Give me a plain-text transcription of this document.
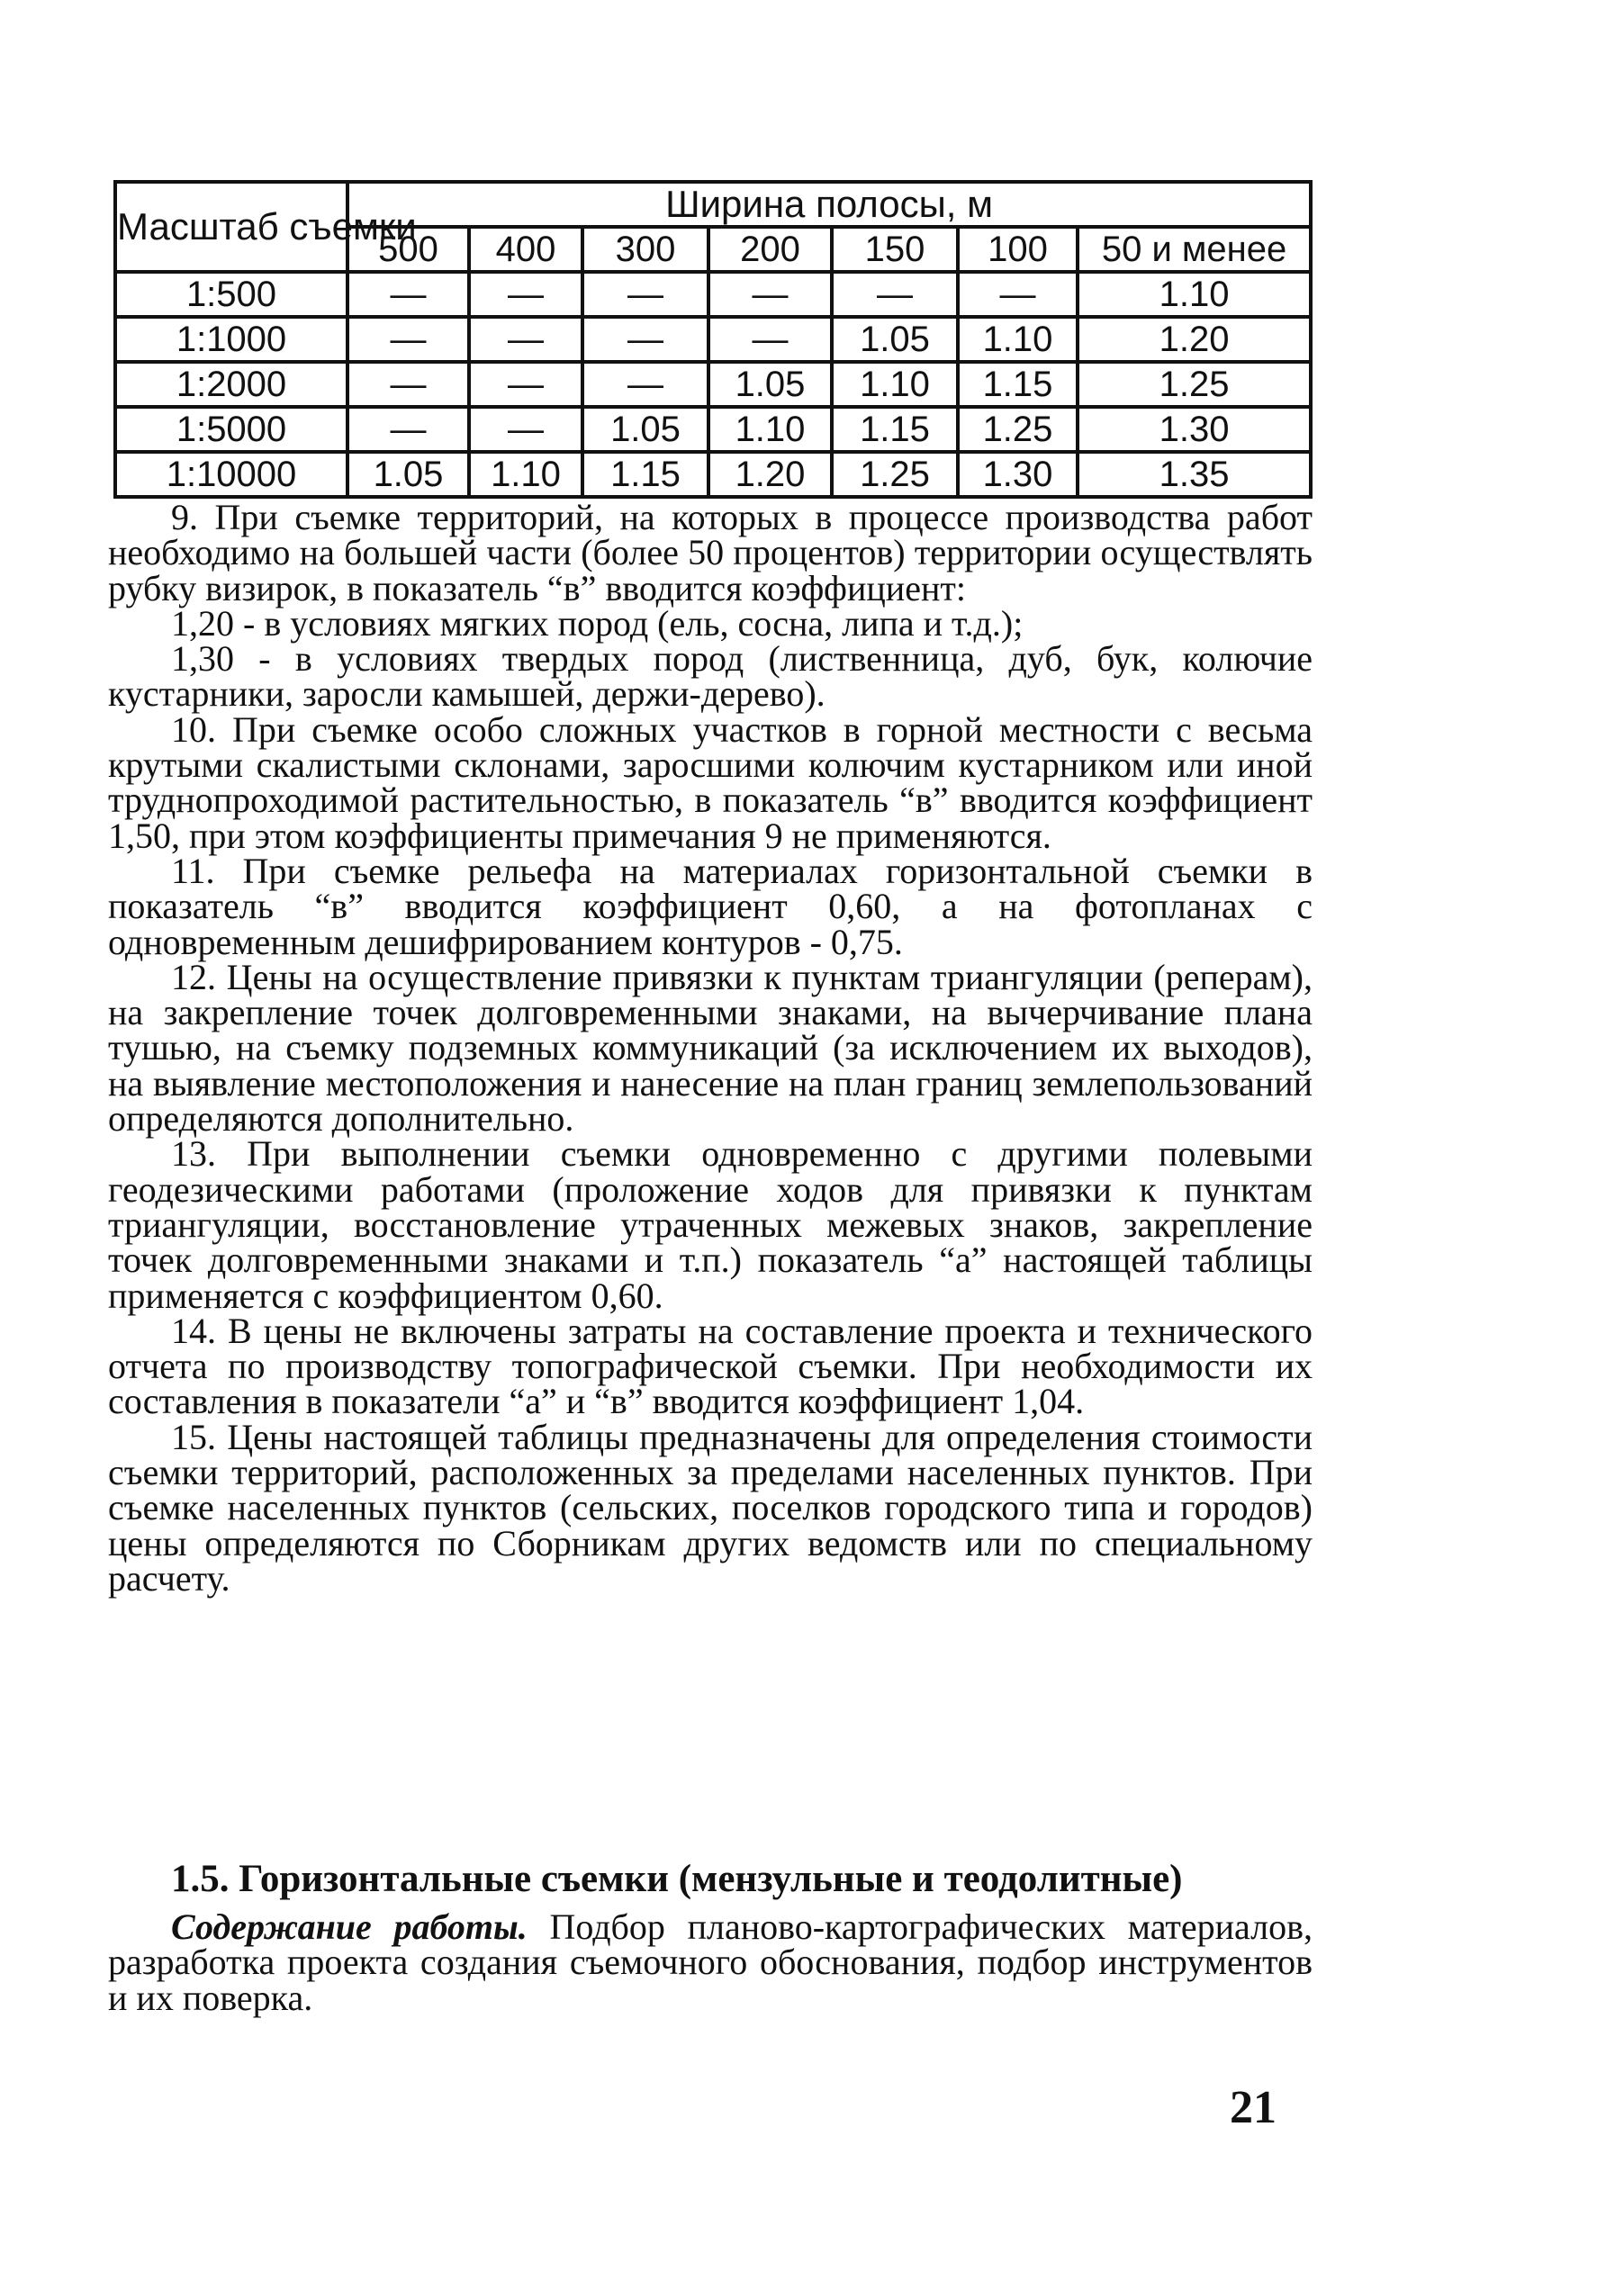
Масштаб съемки	Ширина полосы, м						
	500	400	300	200	150	100	50 и менее
1:500	—	—	—	—	—	—	1.10
1:1000	—	—	—	—	1.05	1.10	1.20
1:2000	—	—	—	1.05	1.10	1.15	1.25
1:5000	—	—	1.05	1.10	1.15	1.25	1.30
1:10000	1.05	1.10	1.15	1.20	1.25	1.30	1.35

9. При съемке территорий, на которых в процессе производства работ необходимо на большей части (более 50 процентов) территории осуществлять рубку визирок, в показатель “в” вводится коэффициент:

1,20 - в условиях мягких пород (ель, сосна, липа и т.д.);

1,30 - в условиях твердых пород (лиственница, дуб, бук, колючие кустарники, заросли камышей, держи-дерево).

10. При съемке особо сложных участков в горной местности с весьма крутыми скалистыми склонами, заросшими колючим кустарником или иной труднопроходимой растительностью, в показатель “в” вводится коэффициент 1,50, при этом коэффициенты примечания 9 не применяются.

11. При съемке рельефа на материалах горизонтальной съемки в показатель “в” вводится коэффициент 0,60, а на фотопланах с одновременным дешифрированием контуров - 0,75.

12. Цены на осуществление привязки к пунктам триангуляции (реперам), на закрепление точек долговременными знаками, на вычерчивание плана тушью, на съемку подземных коммуникаций (за исключением их выходов), на выявление местоположения и нанесение на план границ землепользований определяются дополнительно.

13. При выполнении съемки одновременно с другими полевыми геодезическими работами (проложение ходов для привязки к пунктам триангуляции, восстановление утраченных межевых знаков, закрепление точек долговременными знаками и т.п.) показатель “а” настоящей таблицы применяется с коэффициентом 0,60.

14. В цены не включены затраты на составление проекта и технического отчета по производству топографической съемки. При необходимости их составления в показатели “а” и “в” вводится коэффициент 1,04.

15. Цены настоящей таблицы предназначены для определения стоимости съемки территорий, расположенных за пределами населенных пунктов. При съемке населенных пунктов (сельских, поселков городского типа и городов) цены определяются по Сборникам других ведомств или по специальному расчету.

1.5. Горизонтальные съемки (мензульные и теодолитные)

Содержание работы. Подбор планово-картографических материалов, разработка проекта создания съемочного обоснования, подбор инструментов и их поверка.

21
